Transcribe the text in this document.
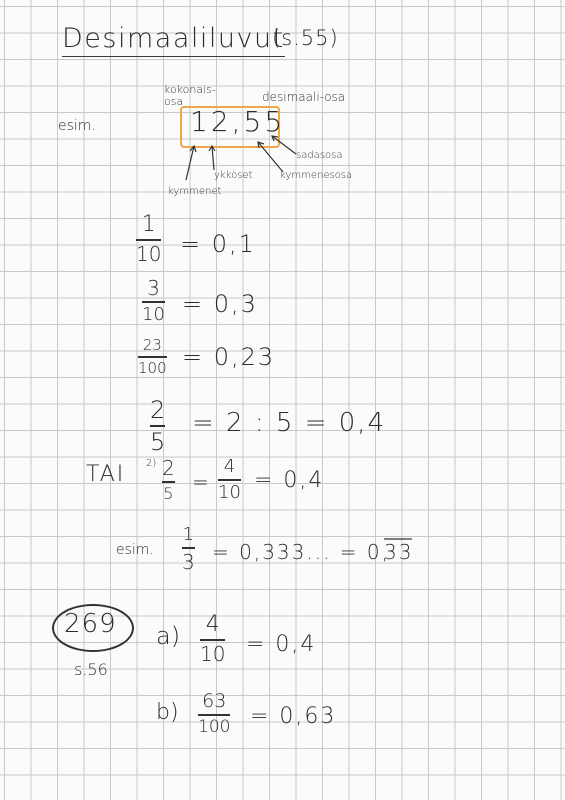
Desimaaliluvut
(s.55)
kokonais-osa	desimaali-osa
esim.	12,55
sadasosa
kymmenesosa
ykköset
kymmenet
1
10 = 0,1
3
10 = 0,3
23
100 = 0,23
2
5
= 2 : 5 = 0,4
TAI 2) 2
5 =
4
10 = 0,4
esim.
1
3 = 0,333... = 0,
33
269
s.56
a) 4
10 = 0,4
b) 63
100 = 0,63
